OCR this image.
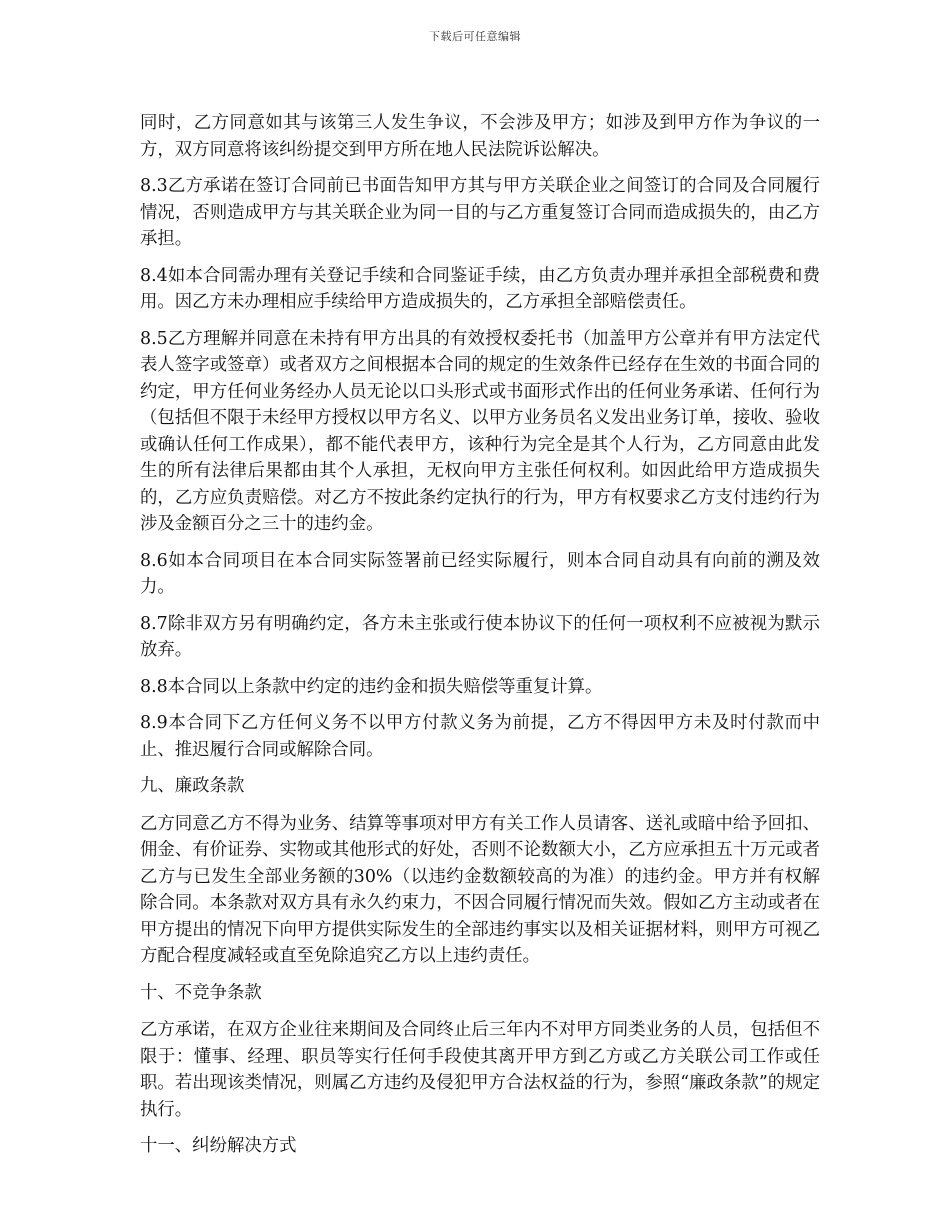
下载后可任意编辑

同时，乙方同意如其与该第三人发生争议，不会涉及甲方；如涉及到甲方作为争议的一方，双方同意将该纠纷提交到甲方所在地人民法院诉讼解决。

8.3乙方承诺在签订合同前已书面告知甲方其与甲方关联企业之间签订的合同及合同履行情况，否则造成甲方与其关联企业为同一目的与乙方重复签订合同而造成损失的，由乙方承担。

8.4如本合同需办理有关登记手续和合同鉴证手续，由乙方负责办理并承担全部税费和费用。因乙方未办理相应手续给甲方造成损失的，乙方承担全部赔偿责任。

8.5乙方理解并同意在未持有甲方出具的有效授权委托书（加盖甲方公章并有甲方法定代表人签字或签章）或者双方之间根据本合同的规定的生效条件已经存在生效的书面合同的约定，甲方任何业务经办人员无论以口头形式或书面形式作出的任何业务承诺、任何行为（包括但不限于未经甲方授权以甲方名义、以甲方业务员名义发出业务订单，接收、验收或确认任何工作成果），都不能代表甲方，该种行为完全是其个人行为，乙方同意由此发生的所有法律后果都由其个人承担，无权向甲方主张任何权利。如因此给甲方造成损失的，乙方应负责赔偿。对乙方不按此条约定执行的行为，甲方有权要求乙方支付违约行为涉及金额百分之三十的违约金。

8.6如本合同项目在本合同实际签署前已经实际履行，则本合同自动具有向前的溯及效力。

8.7除非双方另有明确约定，各方未主张或行使本协议下的任何一项权利不应被视为默示放弃。

8.8本合同以上条款中约定的违约金和损失赔偿等重复计算。

8.9本合同下乙方任何义务不以甲方付款义务为前提，乙方不得因甲方未及时付款而中止、推迟履行合同或解除合同。

九、廉政条款

乙方同意乙方不得为业务、结算等事项对甲方有关工作人员请客、送礼或暗中给予回扣、佣金、有价证券、实物或其他形式的好处，否则不论数额大小，乙方应承担五十万元或者乙方与已发生全部业务额的30%（以违约金数额较高的为准）的违约金。甲方并有权解除合同。本条款对双方具有永久约束力，不因合同履行情况而失效。假如乙方主动或者在甲方提出的情况下向甲方提供实际发生的全部违约事实以及相关证据材料，则甲方可视乙方配合程度减轻或直至免除追究乙方以上违约责任。

十、不竞争条款

乙方承诺，在双方企业往来期间及合同终止后三年内不对甲方同类业务的人员，包括但不限于：懂事、经理、职员等实行任何手段使其离开甲方到乙方或乙方关联公司工作或任职。若出现该类情况，则属乙方违约及侵犯甲方合法权益的行为，参照“廉政条款”的规定执行。

十一、纠纷解决方式
